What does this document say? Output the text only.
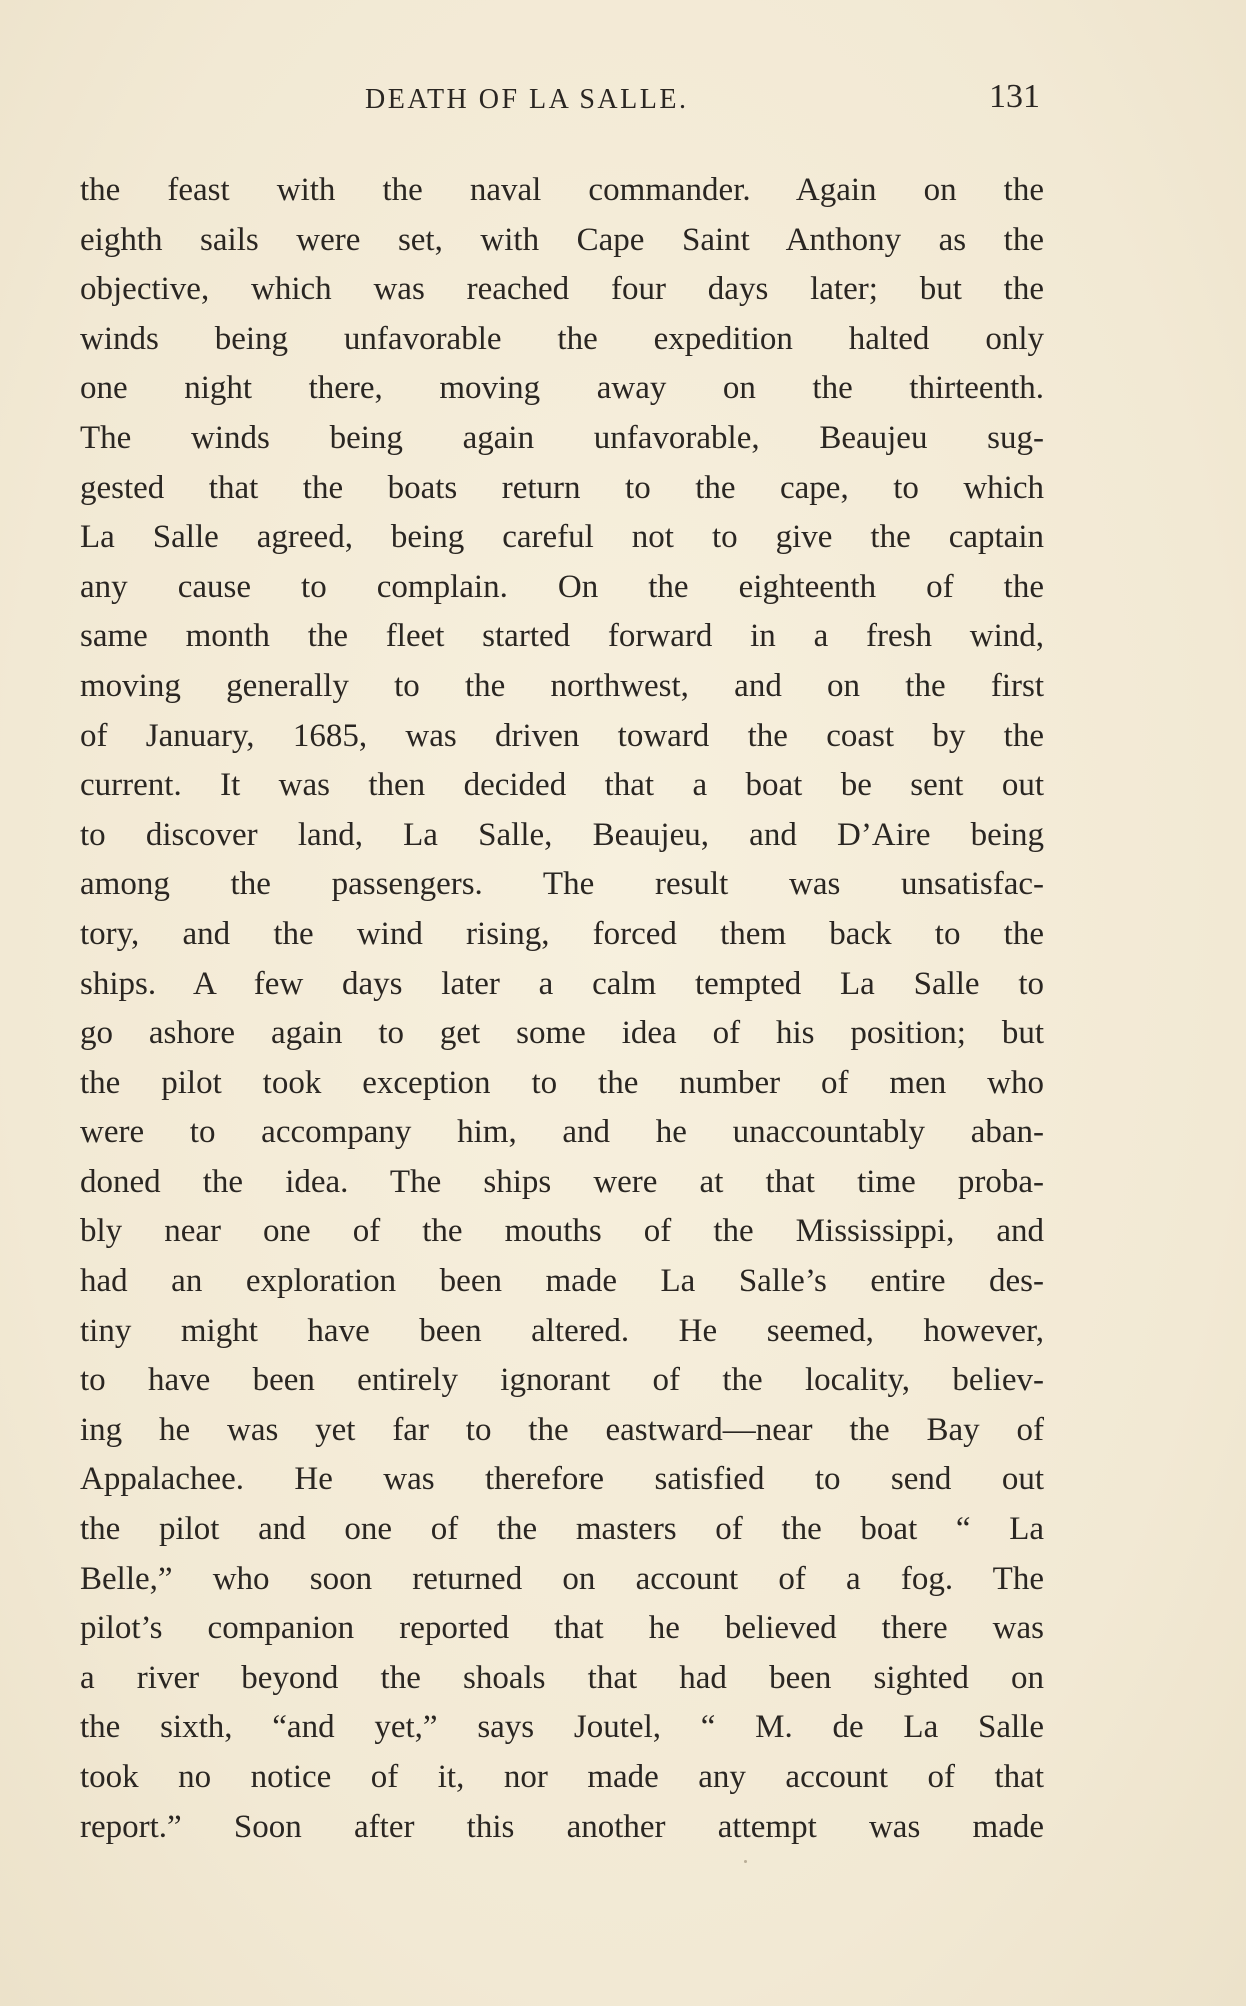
DEATH OF LA SALLE.	131
the feast with the naval commander. Again on the
eighth sails were set, with Cape Saint Anthony as the
objective, which was reached four days later; but the
winds being unfavorable the expedition halted only
one night there, moving away on the thirteenth.
The winds being again unfavorable, Beaujeu sug-
gested that the boats return to the cape, to which
La Salle agreed, being careful not to give the captain
any cause to complain. On the eighteenth of the
same month the fleet started forward in a fresh wind,
moving generally to the northwest, and on the first
of January, 1685, was driven toward the coast by the
current. It was then decided that a boat be sent out
to discover land, La Salle, Beaujeu, and D’Aire being
among the passengers. The result was unsatisfac-
tory, and the wind rising, forced them back to the
ships. A few days later a calm tempted La Salle to
go ashore again to get some idea of his position; but
the pilot took exception to the number of men who
were to accompany him, and he unaccountably aban-
doned the idea. The ships were at that time proba-
bly near one of the mouths of the Mississippi, and
had an exploration been made La Salle’s entire des-
tiny might have been altered. He seemed, however,
to have been entirely ignorant of the locality, believ-
ing he was yet far to the eastward—near the Bay of
Appalachee. He was therefore satisfied to send out
the pilot and one of the masters of the boat “ La
Belle,” who soon returned on account of a fog. The
pilot’s companion reported that he believed there was
a river beyond the shoals that had been sighted on
the sixth, “and yet,” says Joutel, “ M. de La Salle
took no notice of it, nor made any account of that
report.” Soon after this another attempt was made
